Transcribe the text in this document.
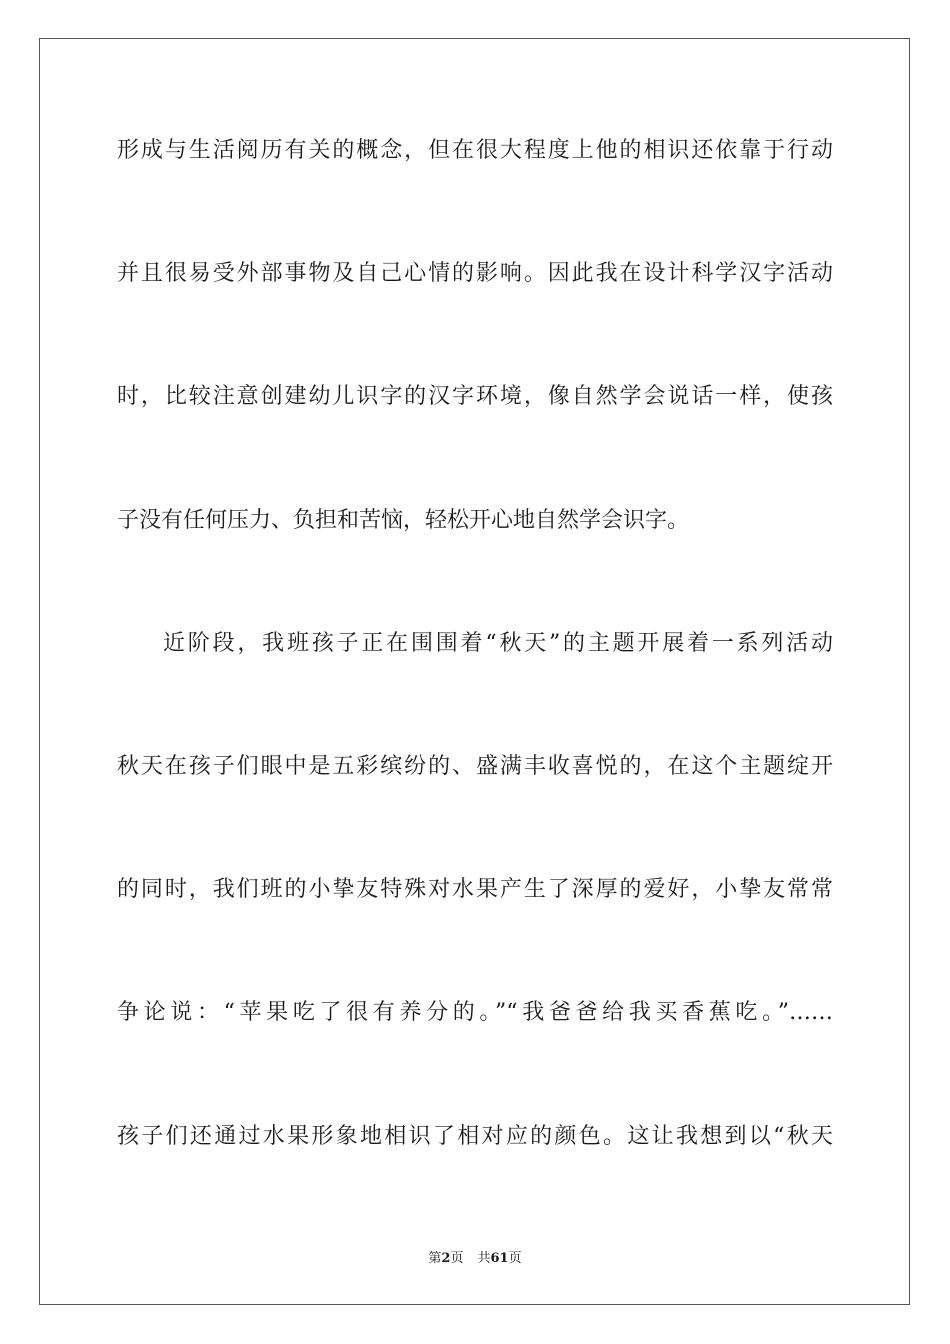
形成与生活阅历有关的概念，但在很大程度上他的相识还依靠于行动
并且很易受外部事物及自己心情的影响。因此我在设计科学汉字活动
时，比较注意创建幼儿识字的汉字环境，像自然学会说话一样，使孩
子没有任何压力、负担和苦恼，轻松开心地自然学会识字。
近阶段，我班孩子正在围围着“秋天”的主题开展着一系列活动
秋天在孩子们眼中是五彩缤纷的、盛满丰收喜悦的，在这个主题绽开
的同时，我们班的小挚友特殊对水果产生了深厚的爱好，小挚友常常
争论说：“苹果吃了很有养分的。”“我爸爸给我买香蕉吃。”……
孩子们还通过水果形象地相识了相对应的颜色。这让我想到以“秋天
第2页 共61页
